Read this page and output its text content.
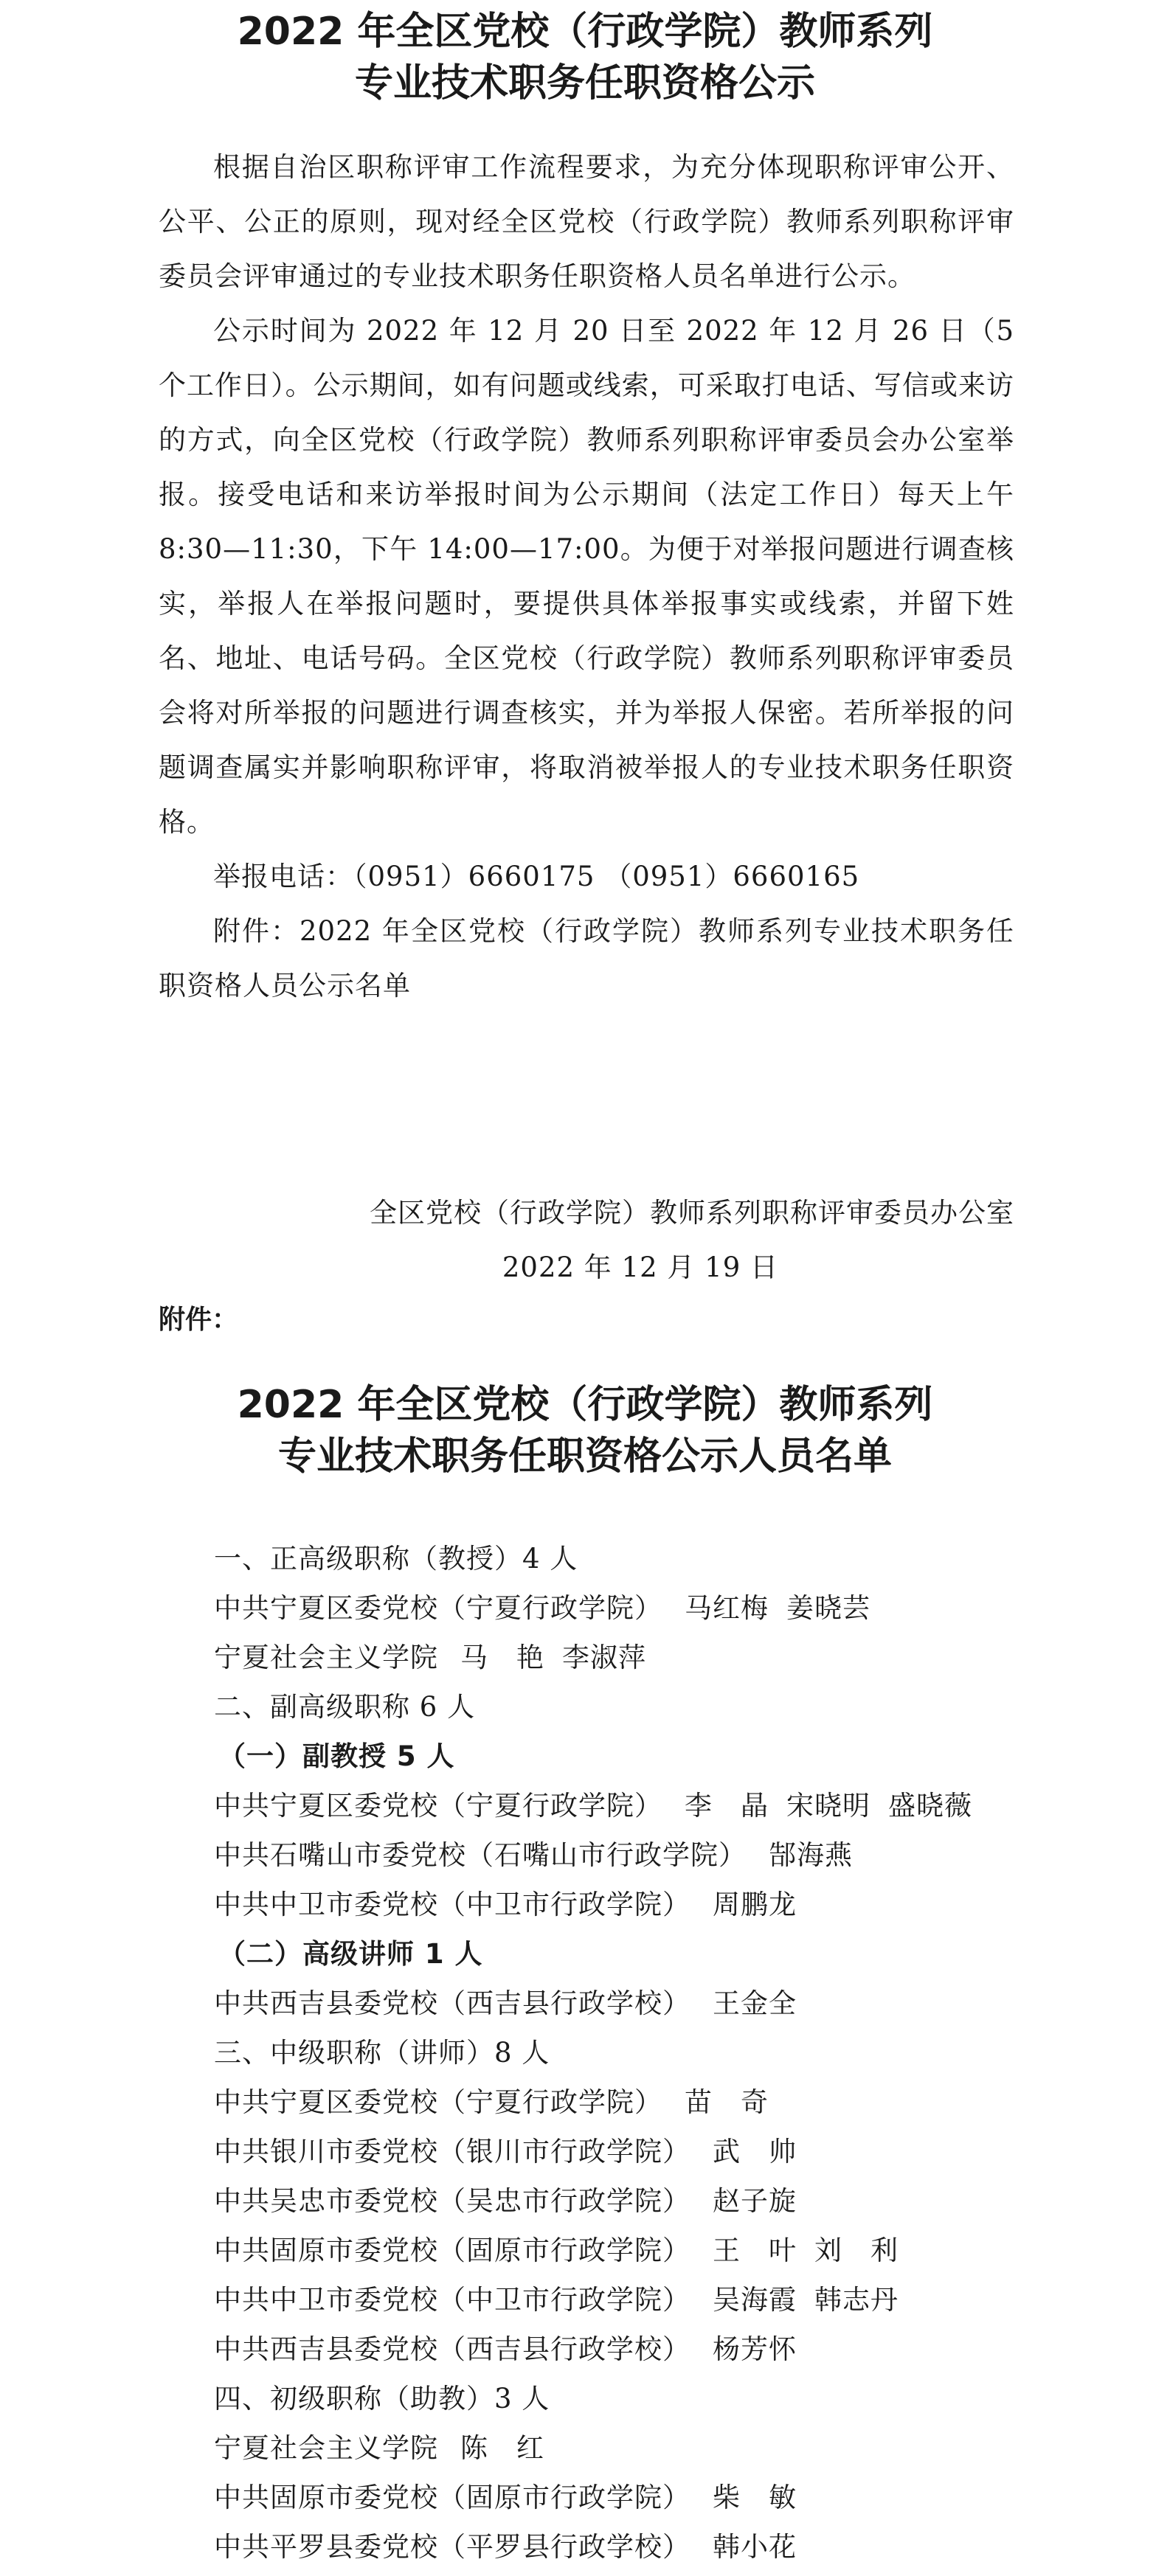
2022 年全区党校（行政学院）教师系列
专业技术职务任职资格公示

根据自治区职称评审工作流程要求，为充分体现职称评审公开、公平、公正的原则，现对经全区党校（行政学院）教师系列职称评审委员会评审通过的专业技术职务任职资格人员名单进行公示。

公示时间为 2022 年 12 月 20 日至 2022 年 12 月 26 日（5 个工作日）。公示期间，如有问题或线索，可采取打电话、写信或来访的方式，向全区党校（行政学院）教师系列职称评审委员会办公室举报。接受电话和来访举报时间为公示期间（法定工作日）每天上午 8:30—11:30，下午 14:00—17:00。为便于对举报问题进行调查核实，举报人在举报问题时，要提供具体举报事实或线索，并留下姓名、地址、电话号码。全区党校（行政学院）教师系列职称评审委员会将对所举报的问题进行调查核实，并为举报人保密。若所举报的问题调查属实并影响职称评审，将取消被举报人的专业技术职务任职资格。

举报电话：（0951）6660175 （0951）6660165

附件：2022 年全区党校（行政学院）教师系列专业技术职务任职资格人员公示名单

全区党校（行政学院）教师系列职称评审委员办公室

2022 年 12 月 19 日

附件：
2022 年全区党校（行政学院）教师系列
专业技术职务任职资格公示人员名单
一、正高级职称（教授）4 人
中共宁夏区委党校（宁夏行政学院） 马红梅 姜晓芸
宁夏社会主义学院 马　艳 李淑萍
二、副高级职称 6 人
（一）副教授 5 人
中共宁夏区委党校（宁夏行政学院） 李　晶 宋晓明 盛晓薇
中共石嘴山市委党校（石嘴山市行政学院） 郜海燕
中共中卫市委党校（中卫市行政学院） 周鹏龙
（二）高级讲师 1 人
中共西吉县委党校（西吉县行政学校） 王金全
三、中级职称（讲师）8 人
中共宁夏区委党校（宁夏行政学院） 苗　奇
中共银川市委党校（银川市行政学院） 武　帅
中共吴忠市委党校（吴忠市行政学院） 赵子旋
中共固原市委党校（固原市行政学院） 王　叶 刘　利
中共中卫市委党校（中卫市行政学院） 吴海霞 韩志丹
中共西吉县委党校（西吉县行政学校） 杨芳怀
四、初级职称（助教）3 人
宁夏社会主义学院 陈　红
中共固原市委党校（固原市行政学院） 柴　敏
中共平罗县委党校（平罗县行政学校） 韩小花
